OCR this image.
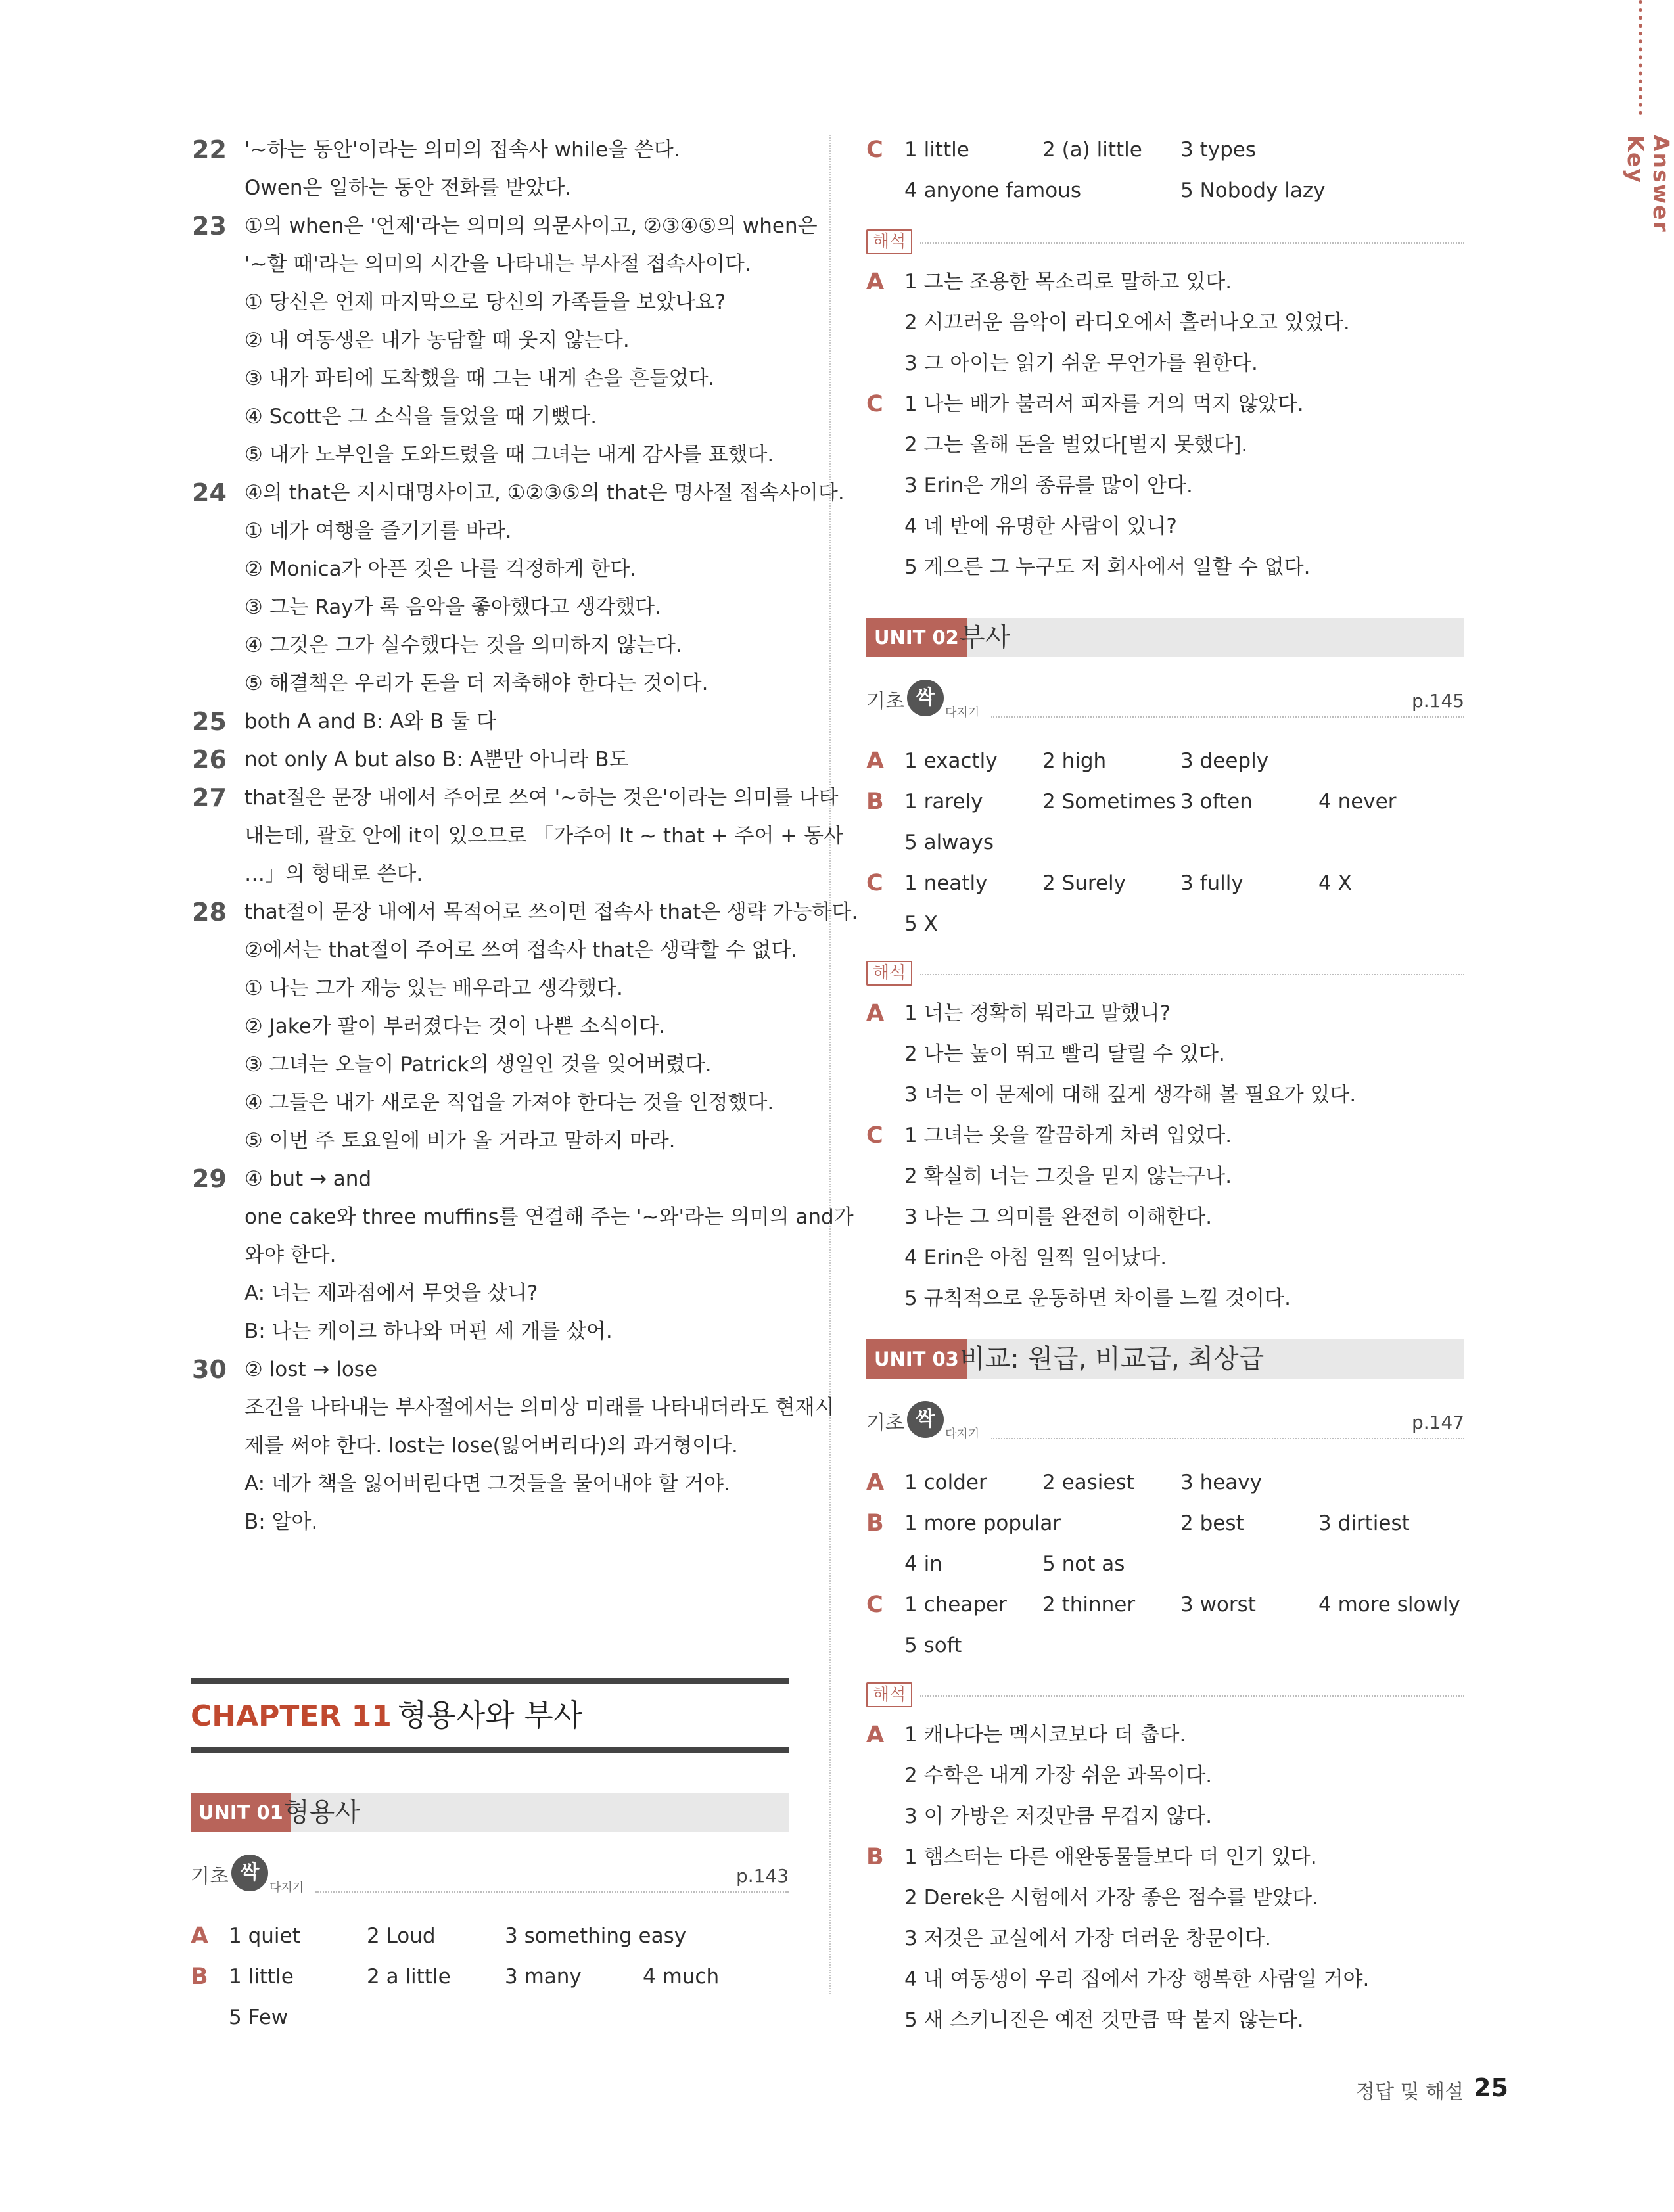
Answer Key
22 '~하는 동안'이라는 의미의 접속사 while을 쓴다.
Owen은 일하는 동안 전화를 받았다.
23 ①의 when은 '언제'라는 의미의 의문사이고, ②③④⑤의 when은
'~할 때'라는 의미의 시간을 나타내는 부사절 접속사이다.
① 당신은 언제 마지막으로 당신의 가족들을 보았나요?
② 내 여동생은 내가 농담할 때 웃지 않는다.
③ 내가 파티에 도착했을 때 그는 내게 손을 흔들었다.
④ Scott은 그 소식을 들었을 때 기뻤다.
⑤ 내가 노부인을 도와드렸을 때 그녀는 내게 감사를 표했다.
24 ④의 that은 지시대명사이고, ①②③⑤의 that은 명사절 접속사이다.
① 네가 여행을 즐기기를 바라.
② Monica가 아픈 것은 나를 걱정하게 한다.
③ 그는 Ray가 록 음악을 좋아했다고 생각했다.
④ 그것은 그가 실수했다는 것을 의미하지 않는다.
⑤ 해결책은 우리가 돈을 더 저축해야 한다는 것이다.
25 both A and B: A와 B 둘 다
26 not only A but also B: A뿐만 아니라 B도
27 that절은 문장 내에서 주어로 쓰여 '~하는 것은'이라는 의미를 나타
내는데, 괄호 안에 it이 있으므로 「가주어 It ~ that + 주어 + 동사
…」의 형태로 쓴다.
28 that절이 문장 내에서 목적어로 쓰이면 접속사 that은 생략 가능하다.
②에서는 that절이 주어로 쓰여 접속사 that은 생략할 수 없다.
① 나는 그가 재능 있는 배우라고 생각했다.
② Jake가 팔이 부러졌다는 것이 나쁜 소식이다.
③ 그녀는 오늘이 Patrick의 생일인 것을 잊어버렸다.
④ 그들은 내가 새로운 직업을 가져야 한다는 것을 인정했다.
⑤ 이번 주 토요일에 비가 올 거라고 말하지 마라.
29 ④ but → and
one cake와 three muffins를 연결해 주는 '~와'라는 의미의 and가
와야 한다.
A: 너는 제과점에서 무엇을 샀니?
B: 나는 케이크 하나와 머핀 세 개를 샀어.
30 ② lost → lose
조건을 나타내는 부사절에서는 의미상 미래를 나타내더라도 현재시
제를 써야 한다. lost는 lose(잃어버리다)의 과거형이다.
A: 네가 책을 잃어버린다면 그것들을 물어내야 할 거야.
B: 알아.
CHAPTER 11 형용사와 부사
UNIT 01 형용사
기초 싹
다지기
p.143
A 1 quiet	2 Loud	3 something easy
B 1 little	2 a little	3 many	4 much
5 Few
C 1 little	2 (a) little 3 types
4 anyone famous	5 Nobody lazy
해석
A 1 그는 조용한 목소리로 말하고 있다.
2 시끄러운 음악이 라디오에서 흘러나오고 있었다.
3 그 아이는 읽기 쉬운 무언가를 원한다.
C 1 나는 배가 불러서 피자를 거의 먹지 않았다.
2 그는 올해 돈을 벌었다[벌지 못했다].
3 Erin은 개의 종류를 많이 안다.
4 네 반에 유명한 사람이 있니?
5 게으른 그 누구도 저 회사에서 일할 수 없다.
UNIT 02 부사
기초 싹
다지기
p.145
A 1 exactly 2 high	3 deeply
B 1 rarely	2 Sometimes 3 often	4 never
5 always
C 1 neatly	2 Surely	3 fully	4 X
5 X
해석
A 1 너는 정확히 뭐라고 말했니?
2 나는 높이 뛰고 빨리 달릴 수 있다.
3 너는 이 문제에 대해 깊게 생각해 볼 필요가 있다.
C 1 그녀는 옷을 깔끔하게 차려 입었다.
2 확실히 너는 그것을 믿지 않는구나.
3 나는 그 의미를 완전히 이해한다.
4 Erin은 아침 일찍 일어났다.
5 규칙적으로 운동하면 차이를 느낄 것이다.
UNIT 03 비교: 원급, 비교급, 최상급
기초 싹
다지기
p.147
A 1 colder	2 easiest 3 heavy
B 1 more popular	2 best	3 dirtiest
4 in	5 not as
C 1 cheaper 2 thinner 3 worst	4 more slowly
5 soft
해석
A 1 캐나다는 멕시코보다 더 춥다.
2 수학은 내게 가장 쉬운 과목이다.
3 이 가방은 저것만큼 무겁지 않다.
B 1 햄스터는 다른 애완동물들보다 더 인기 있다.
2 Derek은 시험에서 가장 좋은 점수를 받았다.
3 저것은 교실에서 가장 더러운 창문이다.
4 내 여동생이 우리 집에서 가장 행복한 사람일 거야.
5 새 스키니진은 예전 것만큼 딱 붙지 않는다.
정답 및 해설 25
